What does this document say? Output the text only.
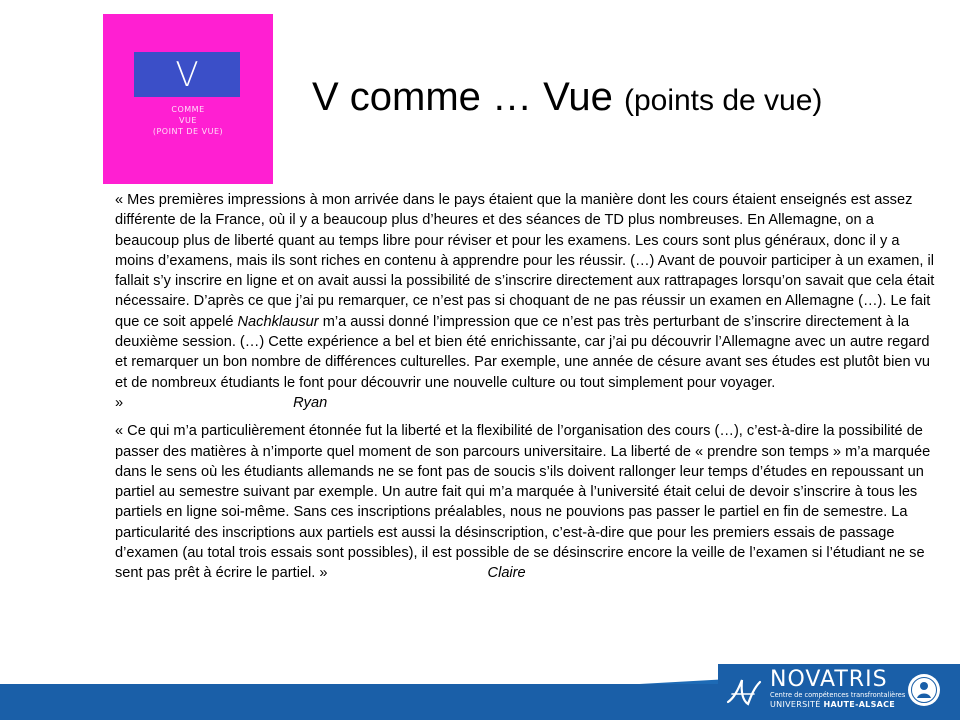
V
COMME
VUE
(POINT DE VUE)
V comme … Vue (points de vue)

« Mes premières impressions à mon arrivée dans le pays étaient que la manière dont les cours étaient enseignés est assez différente de la France, où il y a beaucoup plus d’heures et des séances de TD plus nombreuses. En Allemagne, on a beaucoup plus de liberté quant au temps libre pour réviser et pour les examens. Les cours sont plus généraux, donc il y a moins d’examens, mais ils sont riches en contenu à apprendre pour les réussir. (…) Avant de pouvoir participer à un examen, il fallait s’y inscrire en ligne et on avait aussi la possibilité de s’inscrire directement aux rattrapages lorsqu’on savait que cela était nécessaire. D’après ce que j’ai pu remarquer, ce n’est pas si choquant de ne pas réussir un examen en Allemagne (…). Le fait que ce soit appelé Nachklausur m’a aussi donné l’impression que ce n’est pas très perturbant de s’inscrire directement à la deuxième session. (…) Cette expérience a bel et bien été enrichissante, car j’ai pu découvrir l’Allemagne avec un autre regard et remarquer un bon nombre de différences culturelles. Par exemple, une année de césure avant ses études est plutôt bien vu et de nombreux étudiants le font pour découvrir une nouvelle culture ou tout simplement pour voyager. »	Ryan

« Ce qui m’a particulièrement étonnée fut la liberté et la flexibilité de l’organisation des cours (…), c’est-à-dire la possibilité de passer des matières à n’importe quel moment de son parcours universitaire. La liberté de « prendre son temps » m’a marquée dans le sens où les étudiants allemands ne se font pas de soucis s’ils doivent rallonger leur temps d’études en repoussant un partiel au semestre suivant par exemple. Un autre fait qui m’a marquée à l’université était celui de devoir s’inscrire à tous les partiels en ligne soi-même. Sans ces inscriptions préalables, nous ne pouvions pas passer le partiel en fin de semestre. La particularité des inscriptions aux partiels est aussi la désinscription, c’est-à-dire que pour les premiers essais de passage d’examen (au total trois essais sont possibles), il est possible de se désinscrire encore la veille de l’examen si l’étudiant ne se sent pas prêt à écrire le partiel. »	Claire

NOVATRIS
Centre de compétences transfrontalières
UNIVERSITÉ HAUTE-ALSACE
